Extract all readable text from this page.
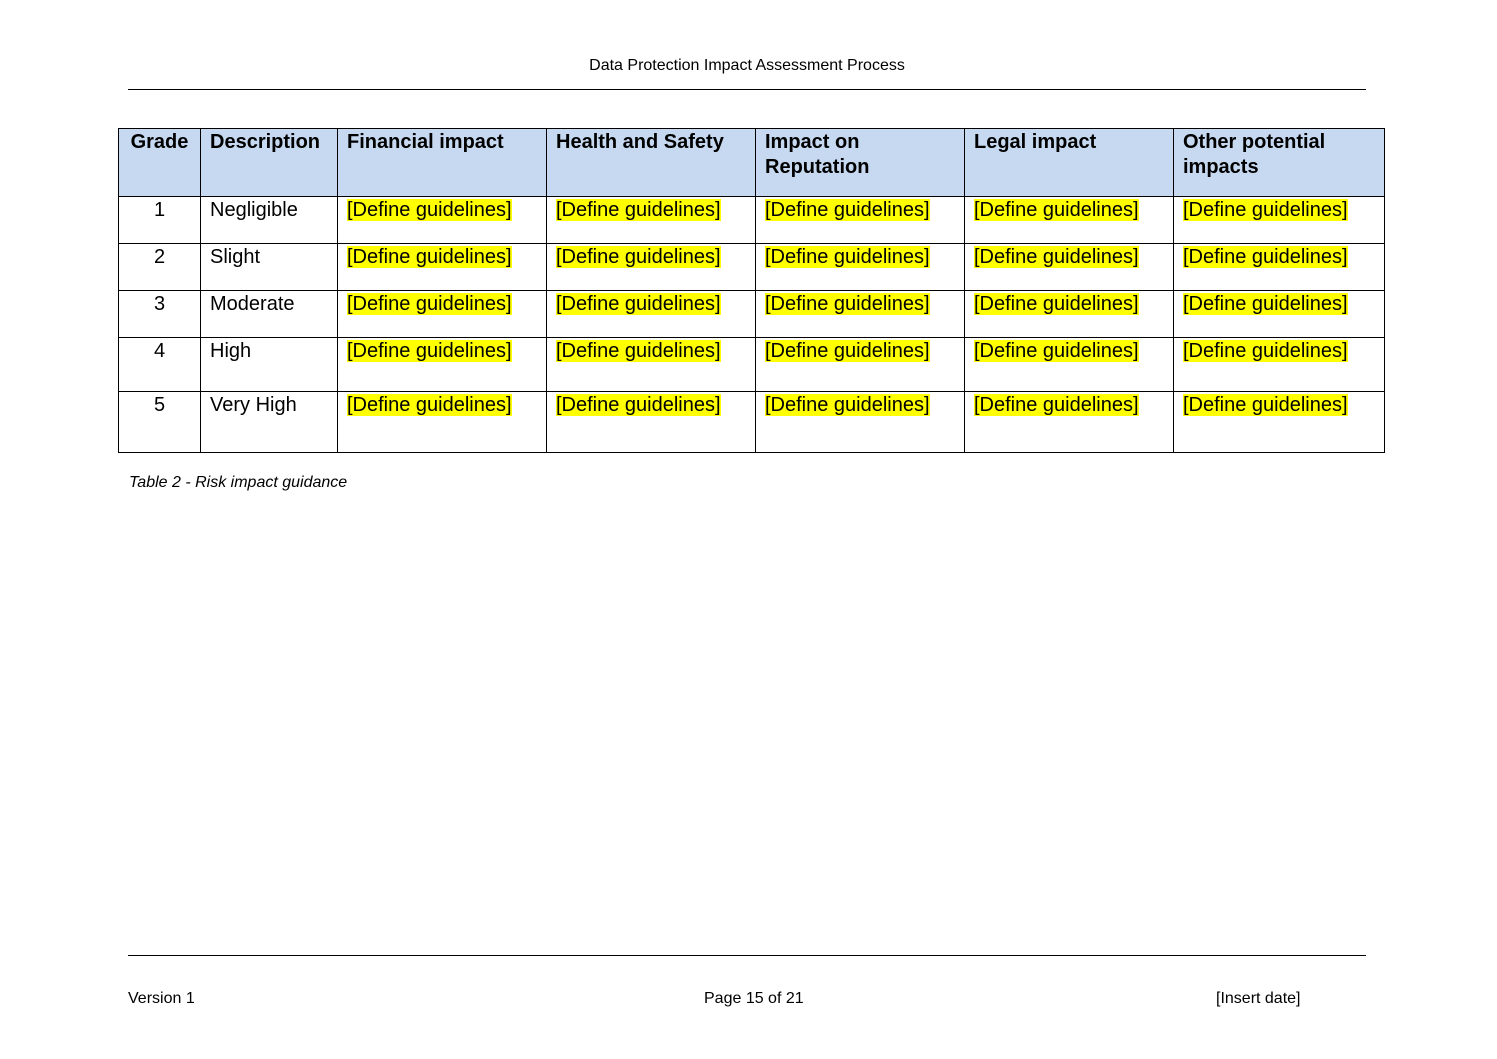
Data Protection Impact Assessment Process
Grade	Description	Financial impact	Health and Safety	Impact on Reputation	Legal impact	Other potential impacts
1	Negligible	[Define guidelines]	[Define guidelines]	[Define guidelines]	[Define guidelines]	[Define guidelines]
2	Slight	[Define guidelines]	[Define guidelines]	[Define guidelines]	[Define guidelines]	[Define guidelines]
3	Moderate	[Define guidelines]	[Define guidelines]	[Define guidelines]	[Define guidelines]	[Define guidelines]
4	High	[Define guidelines]	[Define guidelines]	[Define guidelines]	[Define guidelines]	[Define guidelines]
5	Very High	[Define guidelines]	[Define guidelines]	[Define guidelines]	[Define guidelines]	[Define guidelines]
Table 2 - Risk impact guidance
Version 1	Page 15 of 21	[Insert date]
